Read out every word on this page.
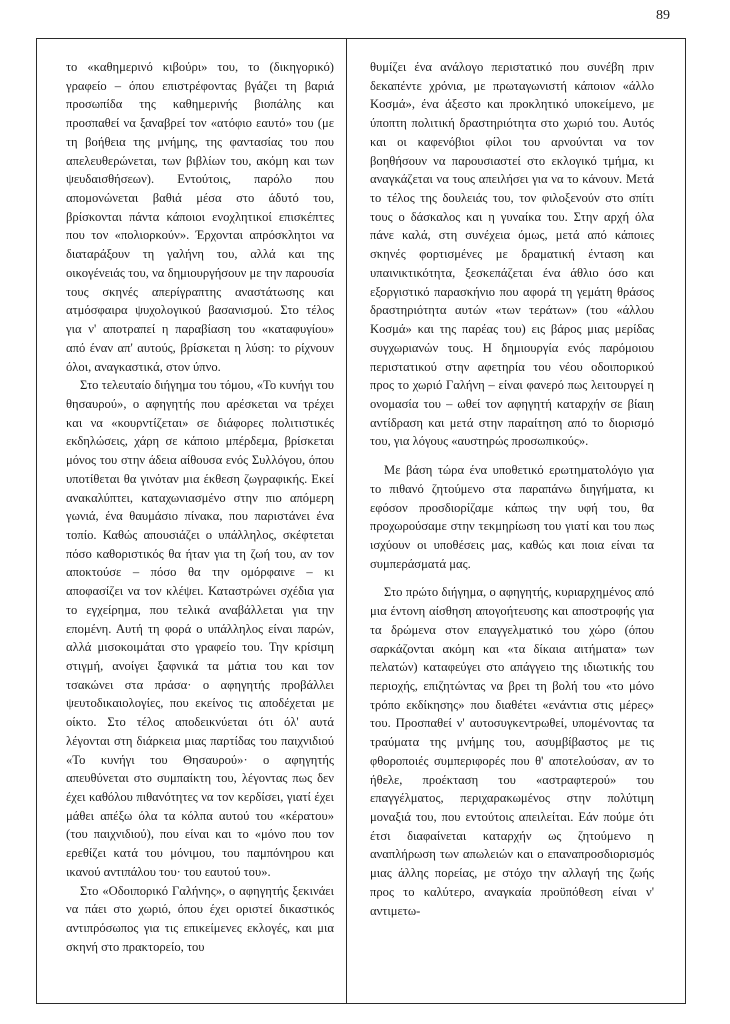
89

το «καθημερινό κιβούρι» του, το (δικηγορικό) γραφείο – όπου επιστρέφοντας βγάζει τη βαριά προσωπίδα της καθημερινής βιοπάλης και προσπαθεί να ξαναβρεί τον «ατόφιο εαυτό» του (με τη βοήθεια της μνήμης, της φαντασίας του που απελευθερώνεται, των βιβλίων του, ακόμη και των ψευδαισθήσεων). Εντούτοις, παρόλο που απομονώνεται βαθιά μέσα στο άδυτό του, βρίσκονται πάντα κάποιοι ενοχλητικοί επισκέπτες που τον «πολιορκούν». Έρχονται απρόσκλητοι να διαταράξουν τη γαλήνη του, αλλά και της οικογένειάς του, να δημιουργήσουν με την παρουσία τους σκηνές απερίγραπτης αναστάτωσης και ατμόσφαιρα ψυχολογικού βασανισμού. Στο τέλος για ν' αποτραπεί η παραβίαση του «καταφυγίου» από έναν απ' αυτούς, βρίσκεται η λύση: το ρίχνουν όλοι, αναγκαστικά, στον ύπνο.

Στο τελευταίο διήγημα του τόμου, «Το κυνήγι του θησαυρού», ο αφηγητής που αρέσκεται να τρέχει και να «κουρντίζεται» σε διάφορες πολιτιστικές εκδηλώσεις, χάρη σε κάποιο μπέρδεμα, βρίσκεται μόνος του στην άδεια αίθουσα ενός Συλλόγου, όπου υποτίθεται θα γινόταν μια έκθεση ζωγραφικής. Εκεί ανακαλύπτει, καταχωνιασμένο στην πιο απόμερη γωνιά, ένα θαυμάσιο πίνακα, που παριστάνει ένα τοπίο. Καθώς απουσιάζει ο υπάλληλος, σκέφτεται πόσο καθοριστικός θα ήταν για τη ζωή του, αν τον αποκτούσε – πόσο θα την ομόρφαινε – κι αποφασίζει να τον κλέψει. Καταστρώνει σχέδια για το εγχείρημα, που τελικά αναβάλλεται για την επομένη. Αυτή τη φορά ο υπάλληλος είναι παρών, αλλά μισοκοιμάται στο γραφείο του. Την κρίσιμη στιγμή, ανοίγει ξαφνικά τα μάτια του και τον τσακώνει στα πράσα· ο αφηγητής προβάλλει ψευτοδικαιολογίες, που εκείνος τις αποδέχεται με οίκτο. Στο τέλος αποδεικνύεται ότι όλ' αυτά λέγονται στη διάρκεια μιας παρτίδας του παιχνιδιού «Το κυνήγι του Θησαυρού»· ο αφηγητής απευθύνεται στο συμπαίκτη του, λέγοντας πως δεν έχει καθόλου πιθανότητες να τον κερδίσει, γιατί έχει μάθει απέξω όλα τα κόλπα αυτού του «κέρατου» (του παιχνιδιού), που είναι και το «μόνο που τον ερεθίζει κατά του μόνιμου, του παμπόνηρου και ικανού αντιπάλου του· του εαυτού του».

Στο «Οδοιπορικό Γαλήνης», ο αφηγητής ξεκινάει να πάει στο χωριό, όπου έχει οριστεί δικαστικός αντιπρόσωπος για τις επικείμενες εκλογές, και μια σκηνή στο πρακτορείο, του

θυμίζει ένα ανάλογο περιστατικό που συνέβη πριν δεκαπέντε χρόνια, με πρωταγωνιστή κάποιον «άλλο Κοσμά», ένα άξεστο και προκλητικό υποκείμενο, με ύποπτη πολιτική δραστηριότητα στο χωριό του. Αυτός και οι καφενόβιοι φίλοι του αρνούνται να τον βοηθήσουν να παρουσιαστεί στο εκλογικό τμήμα, κι αναγκάζεται να τους απειλήσει για να το κάνουν. Μετά το τέλος της δουλειάς του, τον φιλοξενούν στο σπίτι τους ο δάσκαλος και η γυναίκα του. Στην αρχή όλα πάνε καλά, στη συνέχεια όμως, μετά από κάποιες σκηνές φορτισμένες με δραματική ένταση και υπαινικτικότητα, ξεσκεπάζεται ένα άθλιο όσο και εξοργιστικό παρασκήνιο που αφορά τη γεμάτη θράσος δραστηριότητα αυτών «των τεράτων» (του «άλλου Κοσμά» και της παρέας του) εις βάρος μιας μερίδας συγχωριανών τους. Η δημιουργία ενός παρόμοιου περιστατικού στην αφετηρία του νέου οδοιπορικού προς το χωριό Γαλήνη – είναι φανερό πως λειτουργεί η ονομασία του – ωθεί τον αφηγητή καταρχήν σε βίαιη αντίδραση και μετά στην παραίτηση από το διορισμό του, για λόγους «αυστηρώς προσωπικούς».

Με βάση τώρα ένα υποθετικό ερωτηματολόγιο για το πιθανό ζητούμενο στα παραπάνω διηγήματα, κι εφόσον προσδιορίζαμε κάπως την υφή του, θα προχωρούσαμε στην τεκμηρίωση του γιατί και του πως ισχύουν οι υποθέσεις μας, καθώς και ποια είναι τα συμπεράσματά μας.

Στο πρώτο διήγημα, ο αφηγητής, κυριαρχημένος από μια έντονη αίσθηση απογοήτευσης και αποστροφής για τα δρώμενα στον επαγγελματικό του χώρο (όπου σαρκάζονται ακόμη και «τα δίκαια αιτήματα» των πελατών) καταφεύγει στο απάγγειο της ιδιωτικής του περιοχής, επιζητώντας να βρει τη βολή του «το μόνο τρόπο εκδίκησης» που διαθέτει «ενάντια στις μέρες» του. Προσπαθεί ν' αυτοσυγκεντρωθεί, υπομένοντας τα τραύματα της μνήμης του, ασυμβίβαστος με τις φθοροποιές συμπεριφορές που θ' αποτελούσαν, αν το ήθελε, προέκταση του «αστραφτερού» του επαγγέλματος, περιχαρακωμένος στην πολύτιμη μοναξιά του, που εντούτοις απειλείται. Εάν πούμε ότι έτσι διαφαίνεται καταρχήν ως ζητούμενο η αναπλήρωση των απωλειών και ο επαναπροσδιορισμός μιας άλλης πορείας, με στόχο την αλλαγή της ζωής προς το καλύτερο, αναγκαία προϋπόθεση είναι ν' αντιμετω-
